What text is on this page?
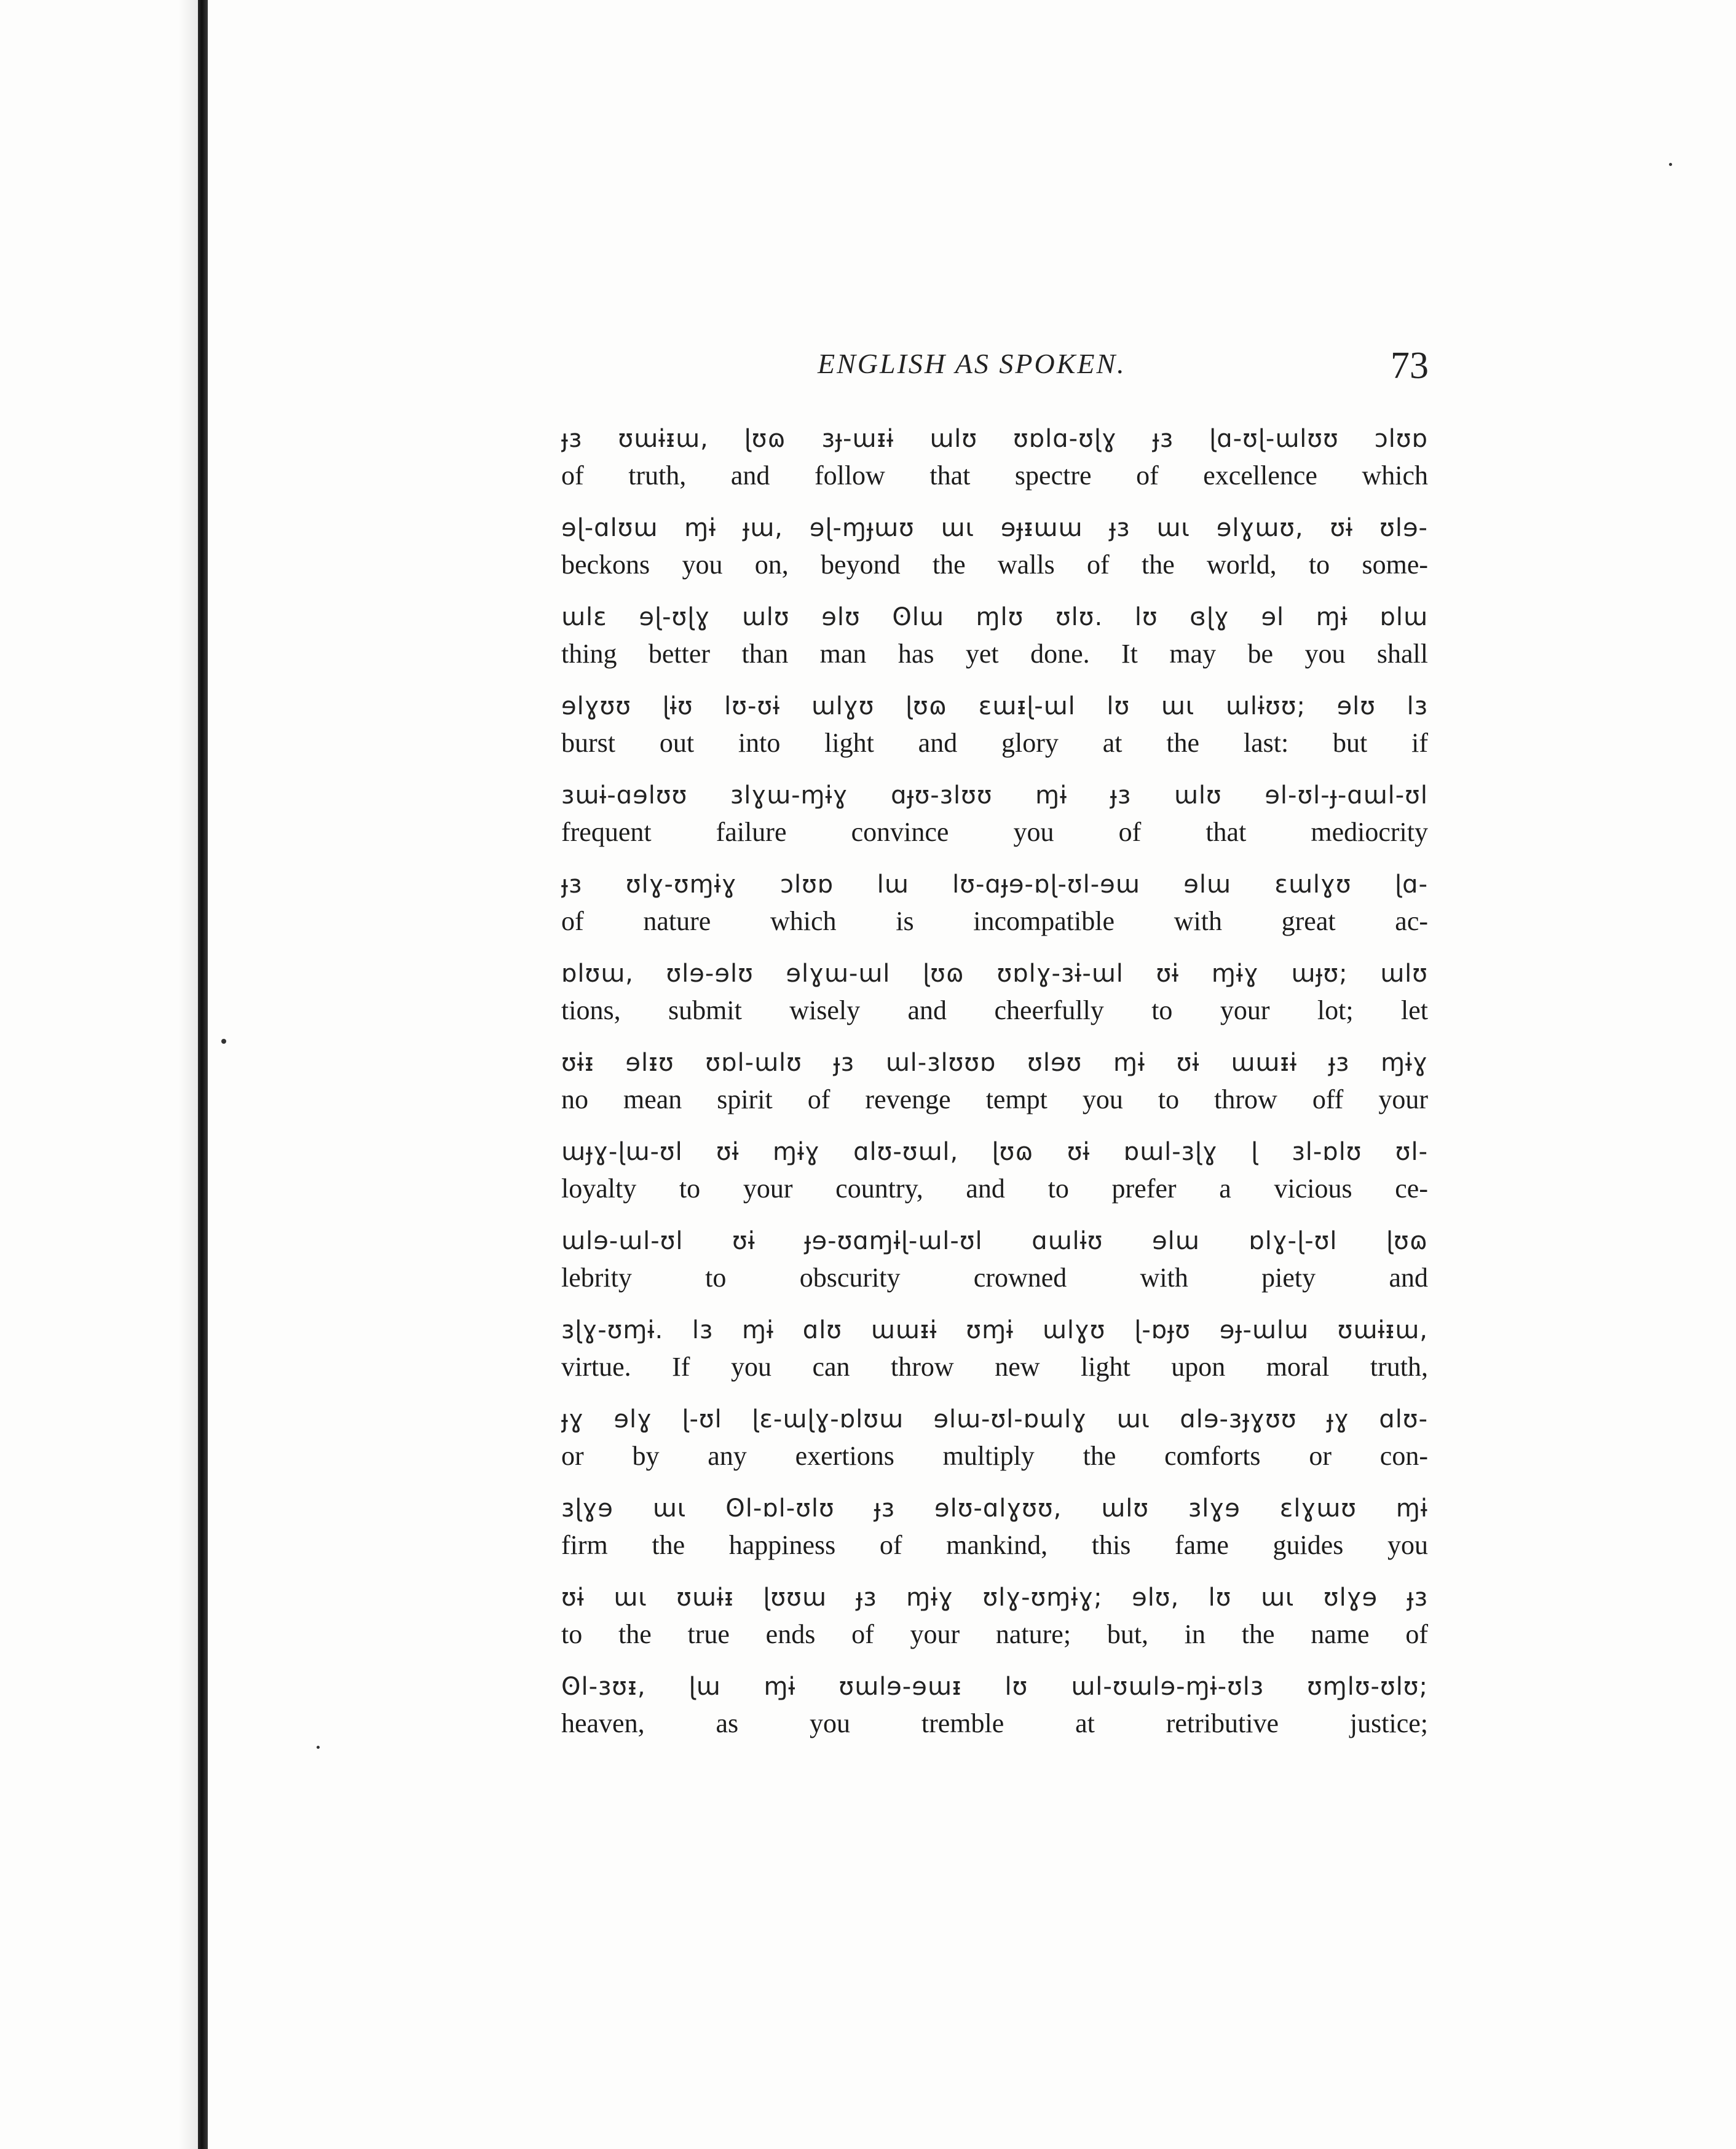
ENGLISH AS SPOKEN.	73
ɟɜ ʊɯɨᵻɯ, ɭʊɷ ɜɟ-ɯᵻɨ ɯlʊ ʊɒlɑ-ʊɭɣ ɟɜ ɭɑ-ʊɭ-ɯlʊʊ ɔlʊɒ
of truth, and follow that spectre of excellence which
ɘɭ-ɑlʊɯ ɱɨ ɟɯ, ɘɭ-ɱɟɯʊ ɯɩ ɘɟᵻɯɯ ɟɜ ɯɩ ɘlɣɯʊ, ʊɨ ʊlɘ-
beckons you on, beyond the walls of the world, to some-
ɯlɛ ɘɭ-ʊɭɣ ɯlʊ ɘlʊ ʘlɯ ɱlʊ ʊlʊ. lʊ ɞɭɣ ɘl ɱɨ ɒlɯ
thing better than man has yet done. It may be you shall
ɘlɣʊʊ ɭɨʊ lʊ-ʊɨ ɯlɣʊ ɭʊɷ ɛɯᵻɭ-ɯl lʊ ɯɩ ɯlɨʊʊ; ɘlʊ lɜ
burst out into light and glory at the last: but if
ɜɯɨ-ɑɘlʊʊ ɜlɣɯ-ɱɨɣ ɑɟʊ-ɜlʊʊ ɱɨ ɟɜ ɯlʊ ɘl-ʊl-ɟ-ɑɯl-ʊl
frequent failure convince you of that mediocrity
ɟɜ ʊlɣ-ʊɱɨɣ ɔlʊɒ lɯ lʊ-ɑɟɘ-ɒɭ-ʊl-ɘɯ ɘlɯ ɛɯlɣʊ ɭɑ-
of nature which is incompatible with great ac-
ɒlʊɯ, ʊlɘ-ɘlʊ ɘlɣɯ-ɯl ɭʊɷ ʊɒlɣ-ɜɨ-ɯl ʊɨ ɱɨɣ ɯɟʊ; ɯlʊ
tions, submit wisely and cheerfully to your lot; let
ʊɨᵻ ɘlᵻʊ ʊɒl-ɯlʊ ɟɜ ɯl-ɜlʊʊɒ ʊlɘʊ ɱɨ ʊɨ ɯɯᵻɨ ɟɜ ɱɨɣ
no mean spirit of revenge tempt you to throw off your
ɯɟɣ-ɭɯ-ʊl ʊɨ ɱɨɣ ɑlʊ-ʊɯl, ɭʊɷ ʊɨ ɒɯl-ɜɭɣ ɭ ɜl-ɒlʊ ʊl-
loyalty to your country, and to prefer a vicious ce-
ɯlɘ-ɯl-ʊl ʊɨ ɟɘ-ʊɑɱɨɭ-ɯl-ʊl ɑɯlɨʊ ɘlɯ ɒlɣ-ɭ-ʊl ɭʊɷ
lebrity to obscurity crowned with piety and
ɜɭɣ-ʊɱɨ. lɜ ɱɨ ɑlʊ ɯɯᵻɨ ʊɱɨ ɯlɣʊ ɭ-ɒɟʊ ɘɟ-ɯlɯ ʊɯɨᵻɯ,
virtue. If you can throw new light upon moral truth,
ɟɣ ɘlɣ ɭ-ʊl ɭɛ-ɯɭɣ-ɒlʊɯ ɘlɯ-ʊl-ɒɯlɣ ɯɩ ɑlɘ-ɜɟɣʊʊ ɟɣ ɑlʊ-
or by any exertions multiply the comforts or con-
ɜɭɣɘ ɯɩ ʘl-ɒl-ʊlʊ ɟɜ ɘlʊ-ɑlɣʊʊ, ɯlʊ ɜlɣɘ ɛlɣɯʊ ɱɨ
firm the happiness of mankind, this fame guides you
ʊɨ ɯɩ ʊɯɨᵻ ɭʊʊɯ ɟɜ ɱɨɣ ʊlɣ-ʊɱɨɣ; ɘlʊ, lʊ ɯɩ ʊlɣɘ ɟɜ
to the true ends of your nature; but, in the name of
ʘl-ɜʊᵻ, ɭɯ ɱɨ ʊɯlɘ-ɘɯᵻ lʊ ɯl-ʊɯlɘ-ɱɨ-ʊlɜ ʊɱlʊ-ʊlʊ;
heaven, as you tremble at retributive justice;
